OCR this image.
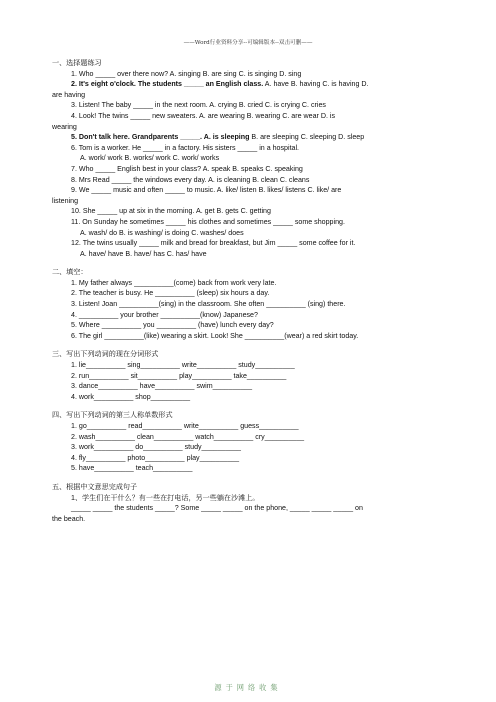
——Word行业资料分享--可编辑版本--双击可删——
一、选择题练习
1. Who _____ over there now? A. singing B. are sing C. is singing D. sing
2. It's eight o'clock. The students _____ an English class. A. have B. having C. is having D.
are having
3. Listen! The baby _____ in the next room. A. crying B. cried C. is crying C. cries
4. Look! The twins _____ new sweaters. A. are wearing B. wearing C. are wear D. is
wearing
5. Don't talk here. Grandparents _____. A. is sleeping B. are sleeping C. sleeping D. sleep
6. Tom is a worker. He _____ in a factory. His sisters _____ in a hospital.
A. work/ work B. works/ work C. work/ works
7. Who _____ English best in your class? A. speak B. speaks C. speaking
8. Mrs Read _____ the windows every day. A. is cleaning B. clean C. cleans
9. We _____ music and often _____ to music. A. like/ listen B. likes/ listens C. like/ are
listening
10. She _____ up at six in the morning. A. get B. gets C. getting
11. On Sunday he sometimes _____ his clothes and sometimes _____ some shopping.
A. wash/ do B. is washing/ is doing C. washes/ does
12. The twins usually _____ milk and bread for breakfast, but Jim _____ some coffee for it.
A. have/ have B. have/ has C. has/ have
二、填空：
1. My father always __________(come) back from work very late.
2. The teacher is busy. He __________ (sleep) six hours a day.
3. Listen! Joan __________(sing) in the classroom. She often __________ (sing) there.
4. __________ your brother __________(know) Japanese?
5. Where __________ you __________ (have) lunch every day?
6. The girl __________(like) wearing a skirt. Look! She __________(wear) a red skirt today.
三、写出下列动词的现在分词形式
1. lie__________ sing__________ write__________ study__________
2. run__________ sit__________ play__________ take__________
3. dance__________ have__________ swim__________
4. work__________ shop__________
四、写出下列动词的第三人称单数形式
1. go__________ read__________ write__________ guess__________
2. wash__________ clean__________ watch__________ cry__________
3. work__________ do__________ study__________
4. fly__________ photo__________ play__________
5. have__________ teach__________
五、根据中文意思完成句子
1、学生们在干什么？有一些在打电话，另一些躺在沙滩上。
_____ _____ the students _____? Some _____ _____ on the phone, _____ _____ _____ on
the beach.
源于网络收集
